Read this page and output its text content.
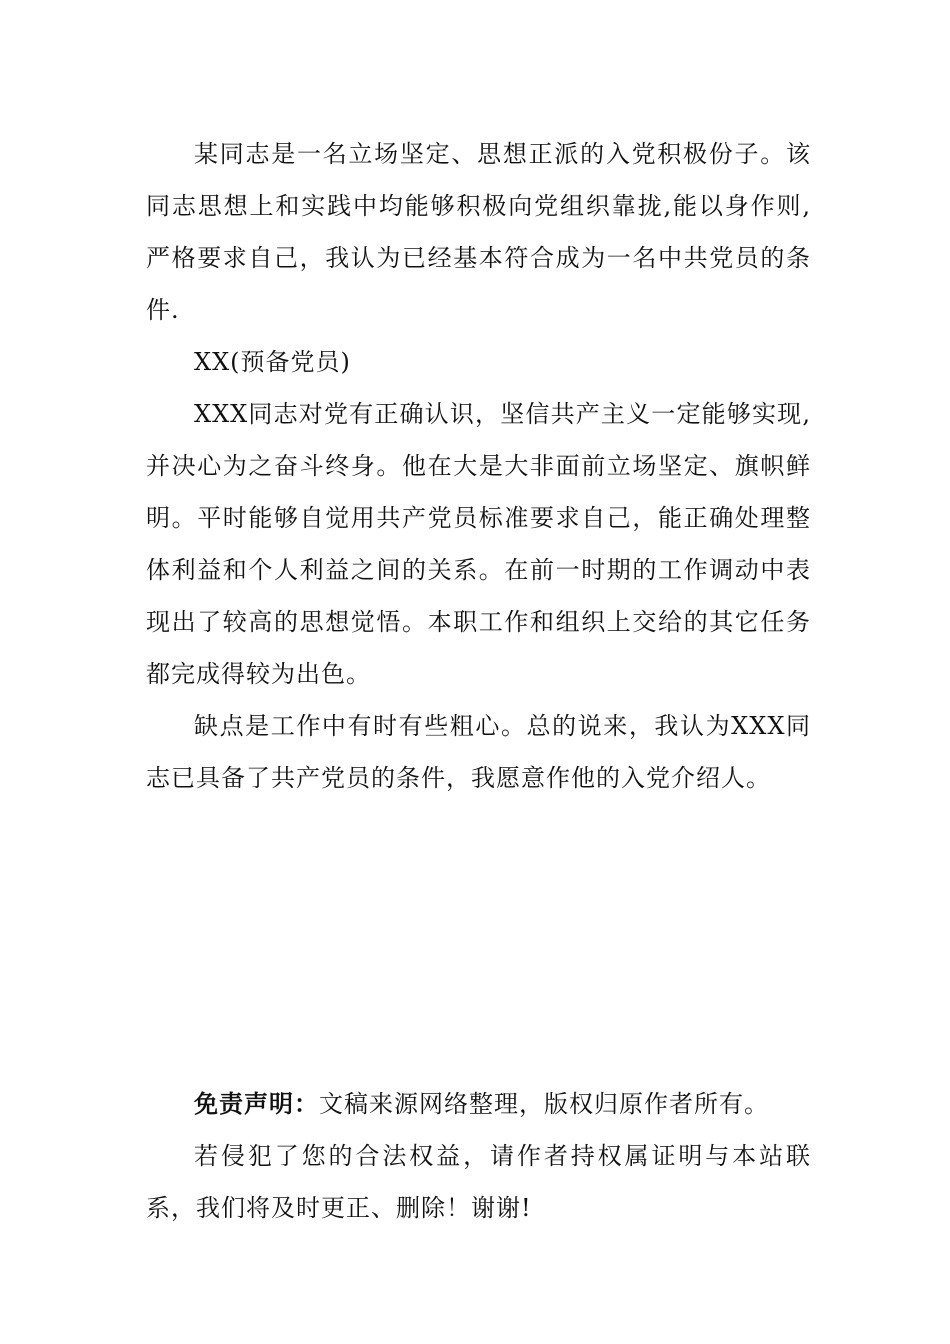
某同志是一名立场坚定、思想正派的入党积极份子。该同志思想上和实践中均能够积极向党组织靠拢,能以身作则,严格要求自己，我认为已经基本符合成为一名中共党员的条件.

XX(预备党员)

XXX同志对党有正确认识，坚信共产主义一定能够实现,并决心为之奋斗终身。他在大是大非面前立场坚定、旗帜鲜明。平时能够自觉用共产党员标准要求自己，能正确处理整体利益和个人利益之间的关系。在前一时期的工作调动中表现出了较高的思想觉悟。本职工作和组织上交给的其它任务都完成得较为出色。

缺点是工作中有时有些粗心。总的说来，我认为XXX同志已具备了共产党员的条件，我愿意作他的入党介绍人。

免责声明：文稿来源网络整理，版权归原作者所有。

若侵犯了您的合法权益，请作者持权属证明与本站联系，我们将及时更正、删除！谢谢!
